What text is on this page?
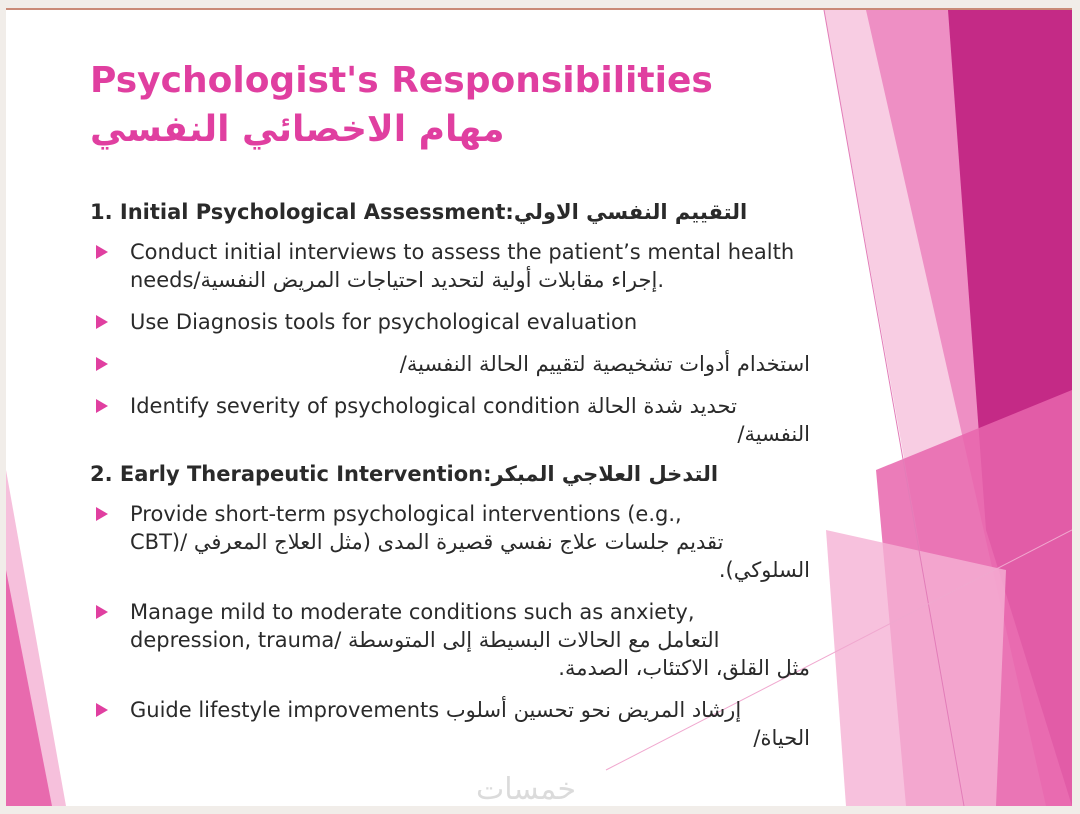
Psychologist's Responsibilities
مهام الاخصائي النفسي
1. Initial Psychological Assessment:التقييم النفسي الاولي
Conduct initial interviews to assess the patient’s mental health
needs/إجراء مقابلات أولية لتحديد احتياجات المريض النفسية.
Use Diagnosis tools for psychological evaluation
استخدام أدوات تشخيصية لتقييم الحالة النفسية/
Identify severity of psychological condition تحديد شدة الحالة
النفسية/
2. Early Therapeutic Intervention:التدخل العلاجي المبكر
Provide short-term psychological interventions (e.g.,
CBT)/ تقديم جلسات علاج نفسي قصيرة المدى (مثل العلاج المعرفي
السلوكي).
Manage mild to moderate conditions such as anxiety,
depression, trauma/ التعامل مع الحالات البسيطة إلى المتوسطة
مثل القلق، الاكتئاب، الصدمة.
Guide lifestyle improvements إرشاد المريض نحو تحسين أسلوب
الحياة/
خمسات
